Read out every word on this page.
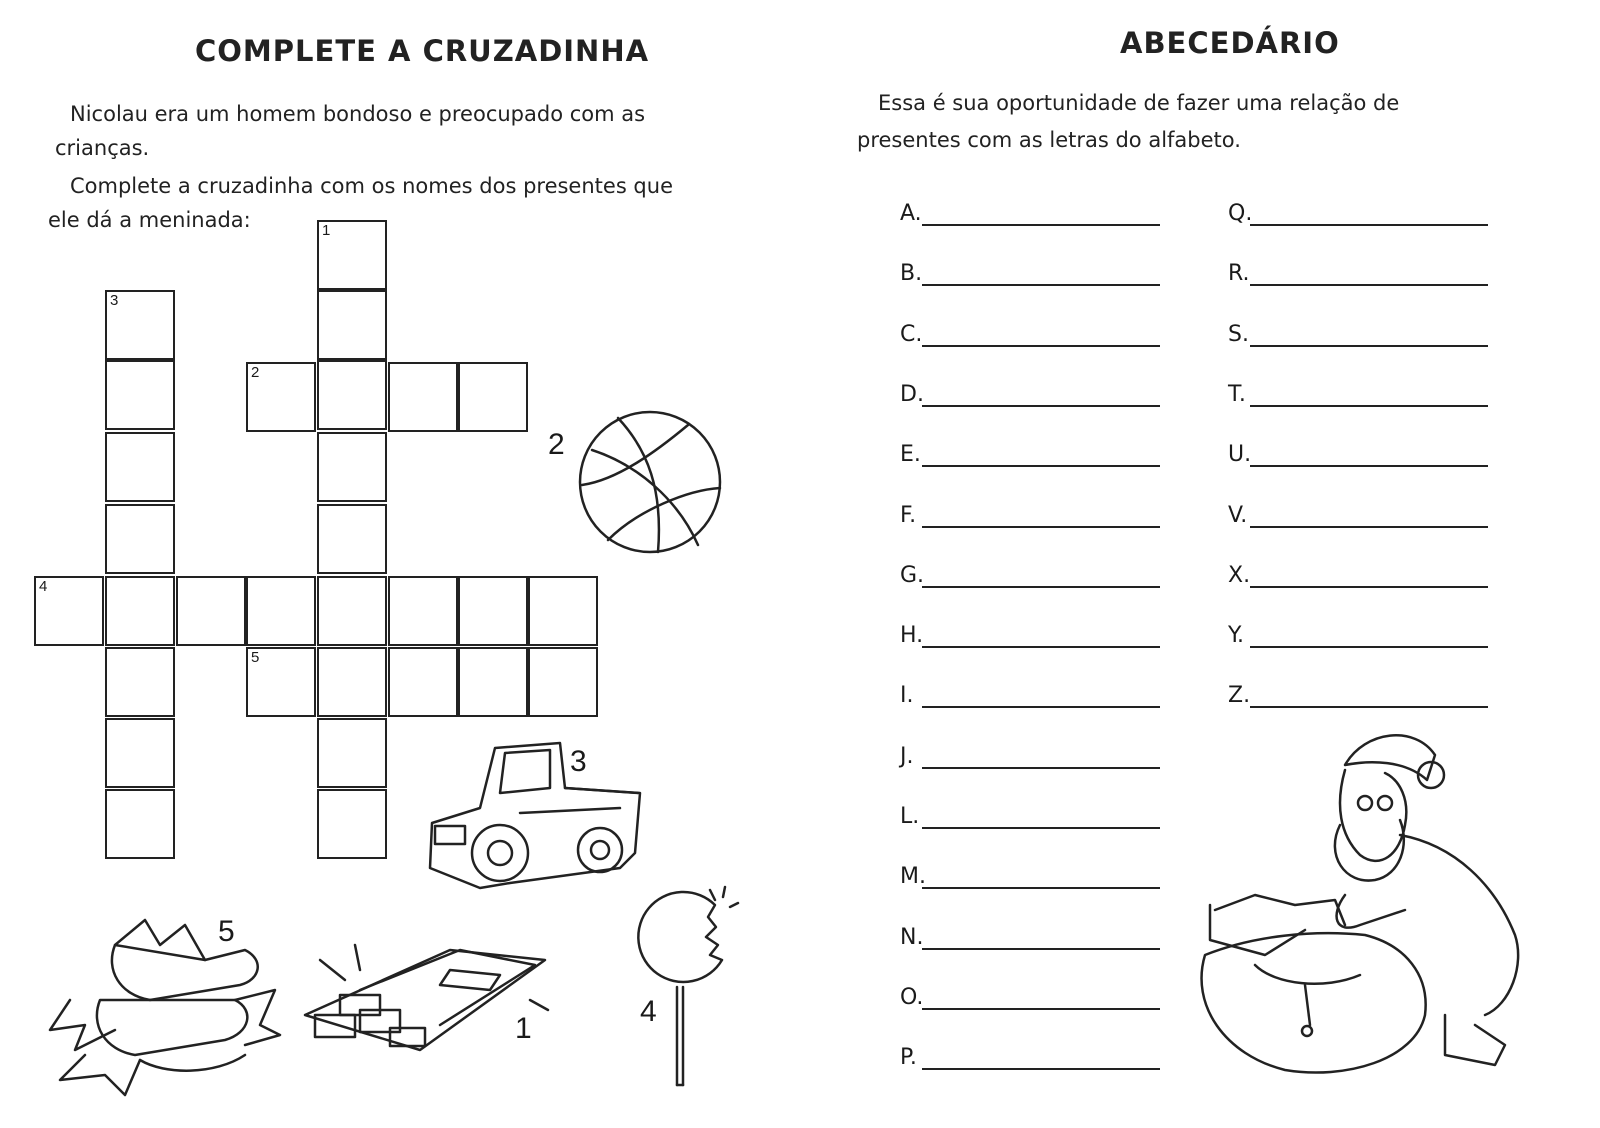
COMPLETE A CRUZADINHA
Nicolau era um homem bondoso e preocupado com as
crianças.
Complete a cruzadinha com os nomes dos presentes que
ele dá a meninada:	1
3
2
4
5
2
3
5
1
4
ABECEDÁRIO
Essa é sua oportunidade de fazer uma relação de
presentes com as letras do alfabeto.
A.
B.
C.
D.
E.
F.
G.
H.
I.
J.
L.
M.
N.
O.
P.
Q.
R.
S.
T.
U.
V.
X.
Y.
Z.
